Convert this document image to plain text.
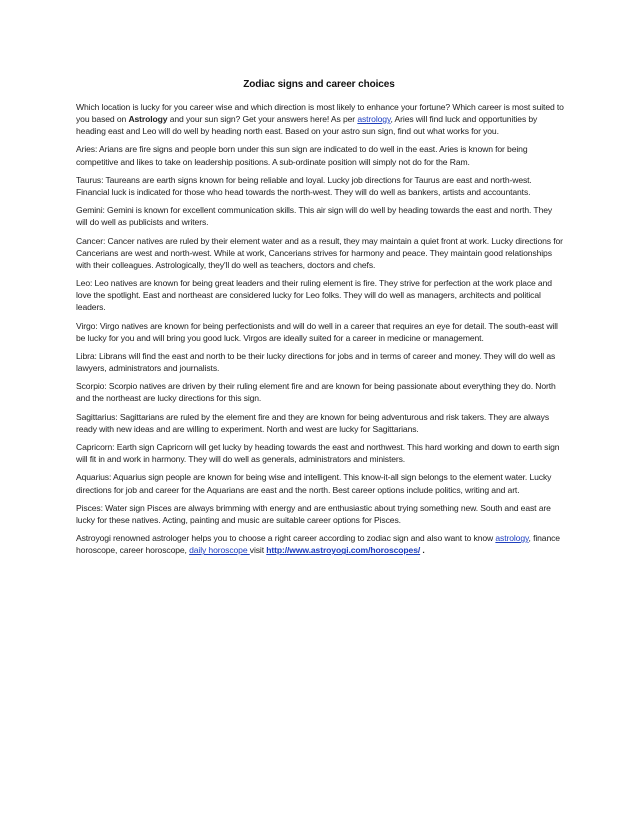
Zodiac signs and career choices

Which location is lucky for you career wise and which direction is most likely to enhance your fortune? Which career is most suited to you based on Astrology and your sun sign? Get your answers here! As per astrology, Aries will find luck and opportunities by heading east and Leo will do well by heading north east. Based on your astro sun sign, find out what works for you.

Aries: Arians are fire signs and people born under this sun sign are indicated to do well in the east. Aries is known for being competitive and likes to take on leadership positions. A sub-ordinate position will simply not do for the Ram.

Taurus: Taureans are earth signs known for being reliable and loyal. Lucky job directions for Taurus are east and north-west. Financial luck is indicated for those who head towards the north-west. They will do well as bankers, artists and accountants.

Gemini: Gemini is known for excellent communication skills. This air sign will do well by heading towards the east and north. They will do well as publicists and writers.

Cancer: Cancer natives are ruled by their element water and as a result, they may maintain a quiet front at work. Lucky directions for Cancerians are west and north-west. While at work, Cancerians strives for harmony and peace. They maintain good relationships with their colleagues. Astrologically, they'll do well as teachers, doctors and chefs.

Leo: Leo natives are known for being great leaders and their ruling element is fire. They strive for perfection at the work place and love the spotlight. East and northeast are considered lucky for Leo folks. They will do well as managers, architects and political leaders.

Virgo: Virgo natives are known for being perfectionists and will do well in a career that requires an eye for detail. The south-east will be lucky for you and will bring you good luck. Virgos are ideally suited for a career in medicine or management.

Libra: Librans will find the east and north to be their lucky directions for jobs and in terms of career and money. They will do well as lawyers, administrators and journalists.

Scorpio: Scorpio natives are driven by their ruling element fire and are known for being passionate about everything they do. North and the northeast are lucky directions for this sign.

Sagittarius: Sagittarians are ruled by the element fire and they are known for being adventurous and risk takers. They are always ready with new ideas and are willing to experiment. North and west are lucky for Sagittarians.

Capricorn: Earth sign Capricorn will get lucky by heading towards the east and northwest. This hard working and down to earth sign will fit in and work in harmony. They will do well as generals, administrators and ministers.

Aquarius: Aquarius sign people are known for being wise and intelligent. This know-it-all sign belongs to the element water. Lucky directions for job and career for the Aquarians are east and the north. Best career options include politics, writing and art.

Pisces: Water sign Pisces are always brimming with energy and are enthusiastic about trying something new. South and east are lucky for these natives. Acting, painting and music are suitable career options for Pisces.

Astroyogi renowned astrologer helps you to choose a right career according to zodiac sign and also want to know astrology, finance horoscope, career horoscope, daily horoscope visit http://www.astroyogi.com/horoscopes/ .
